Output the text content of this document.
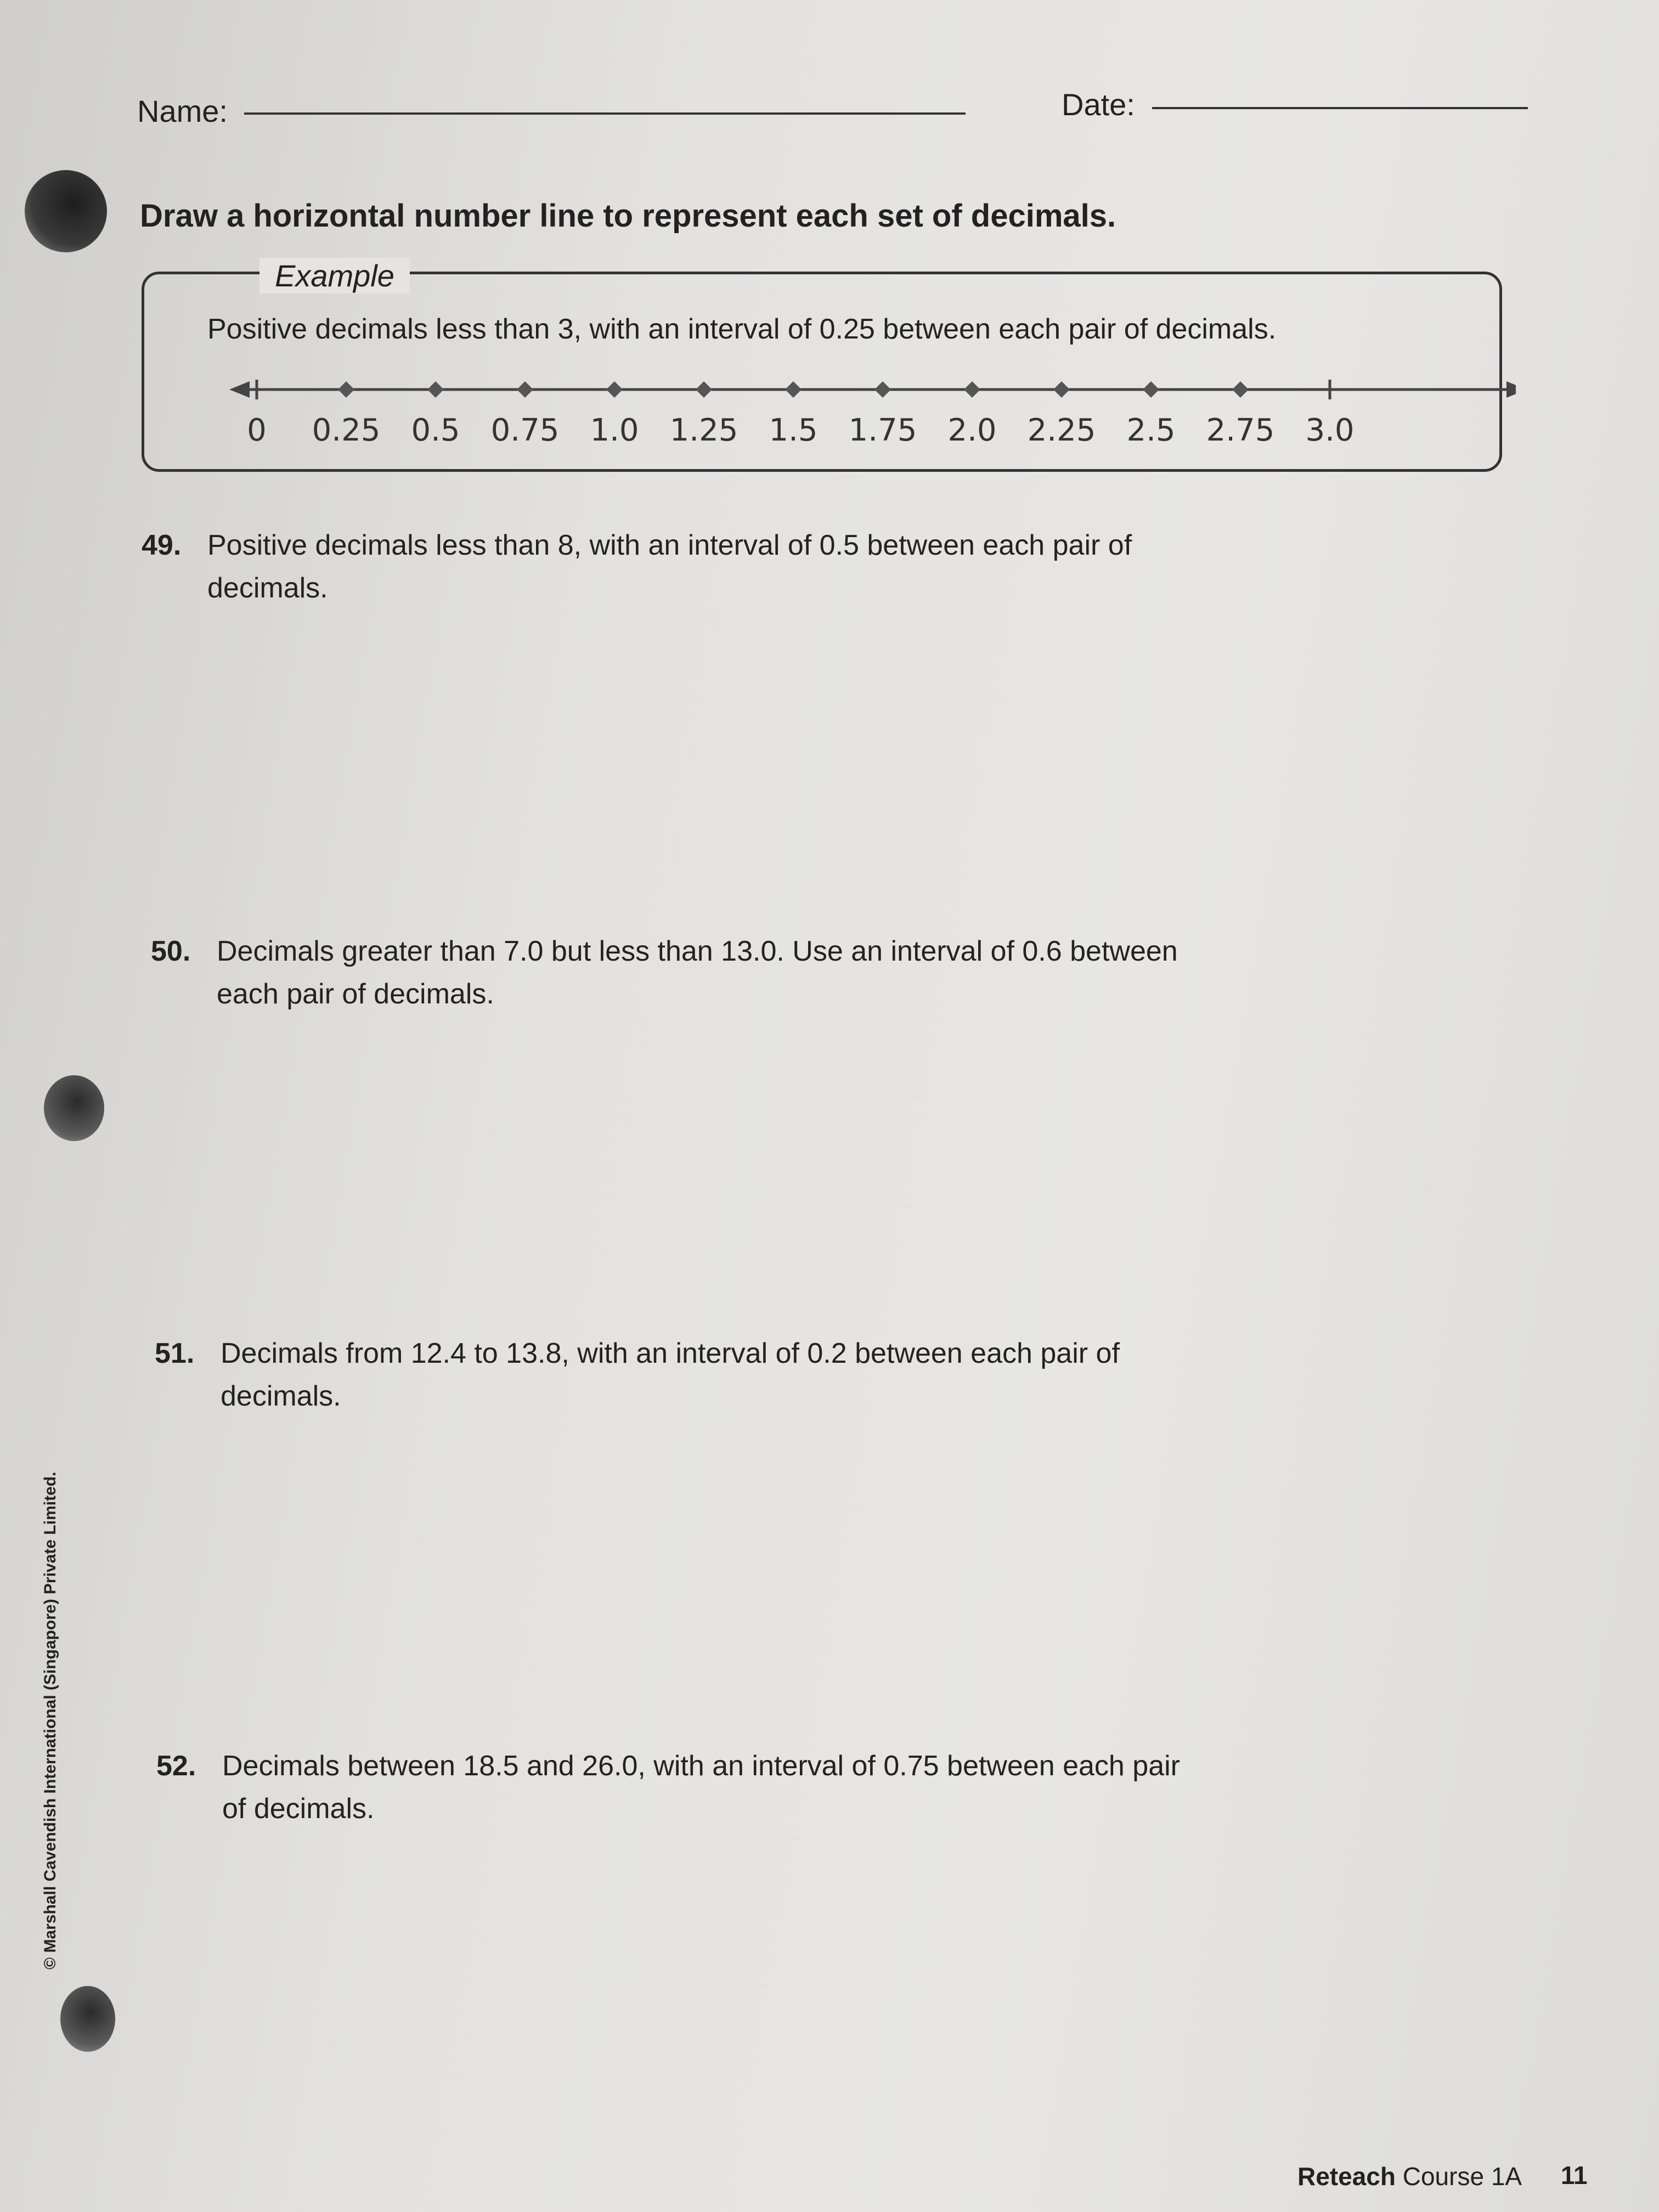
Name:	Date:
Draw a horizontal number line to represent each set of decimals.
Example
Positive decimals less than 3, with an interval of 0.25 between each pair of decimals.
0 0.25 0.5 0.75 1.0 1.25 1.5 1.75 2.0 2.25 2.5 2.75 3.0
49. Positive decimals less than 8, with an interval of 0.5 between each pair of
decimals.
50. Decimals greater than 7.0 but less than 13.0. Use an interval of 0.6 between
each pair of decimals.
51. Decimals from 12.4 to 13.8, with an interval of 0.2 between each pair of
decimals.
52. Decimals between 18.5 and 26.0, with an interval of 0.75 between each pair
of decimals.
© Marshall Cavendish International (Singapore) Private Limited.
Reteach Course 1A 11
